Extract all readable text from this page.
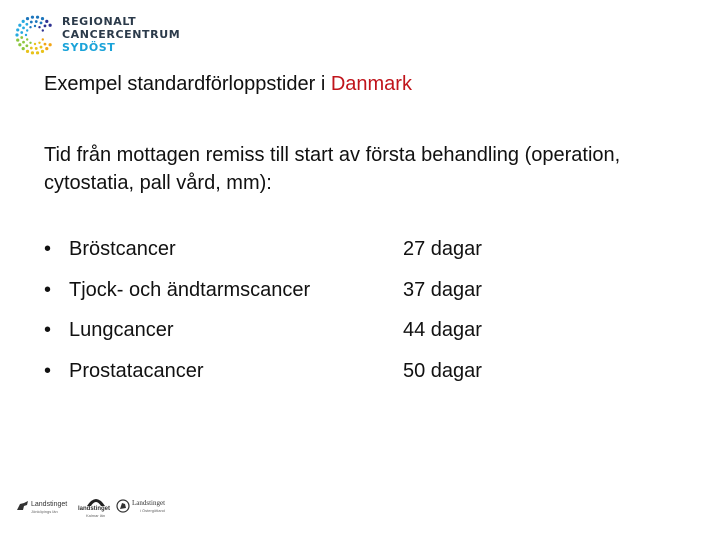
REGIONALT
CANCERCENTRUM
SYDÖST
Exempel standardförloppstider i Danmark
Tid från mottagen remiss till start av första behandling (operation, cytostatia, pall vård, mm):
• Bröstcancer	27 dagar
• Tjock- och ändtarmscancer	37 dagar
• Lungcancer	44 dagar
• Prostatacancer	50 dagar
Landstinget
Jönköpings län	landstinget
Kalmar län
Landstinget
i Östergötland
